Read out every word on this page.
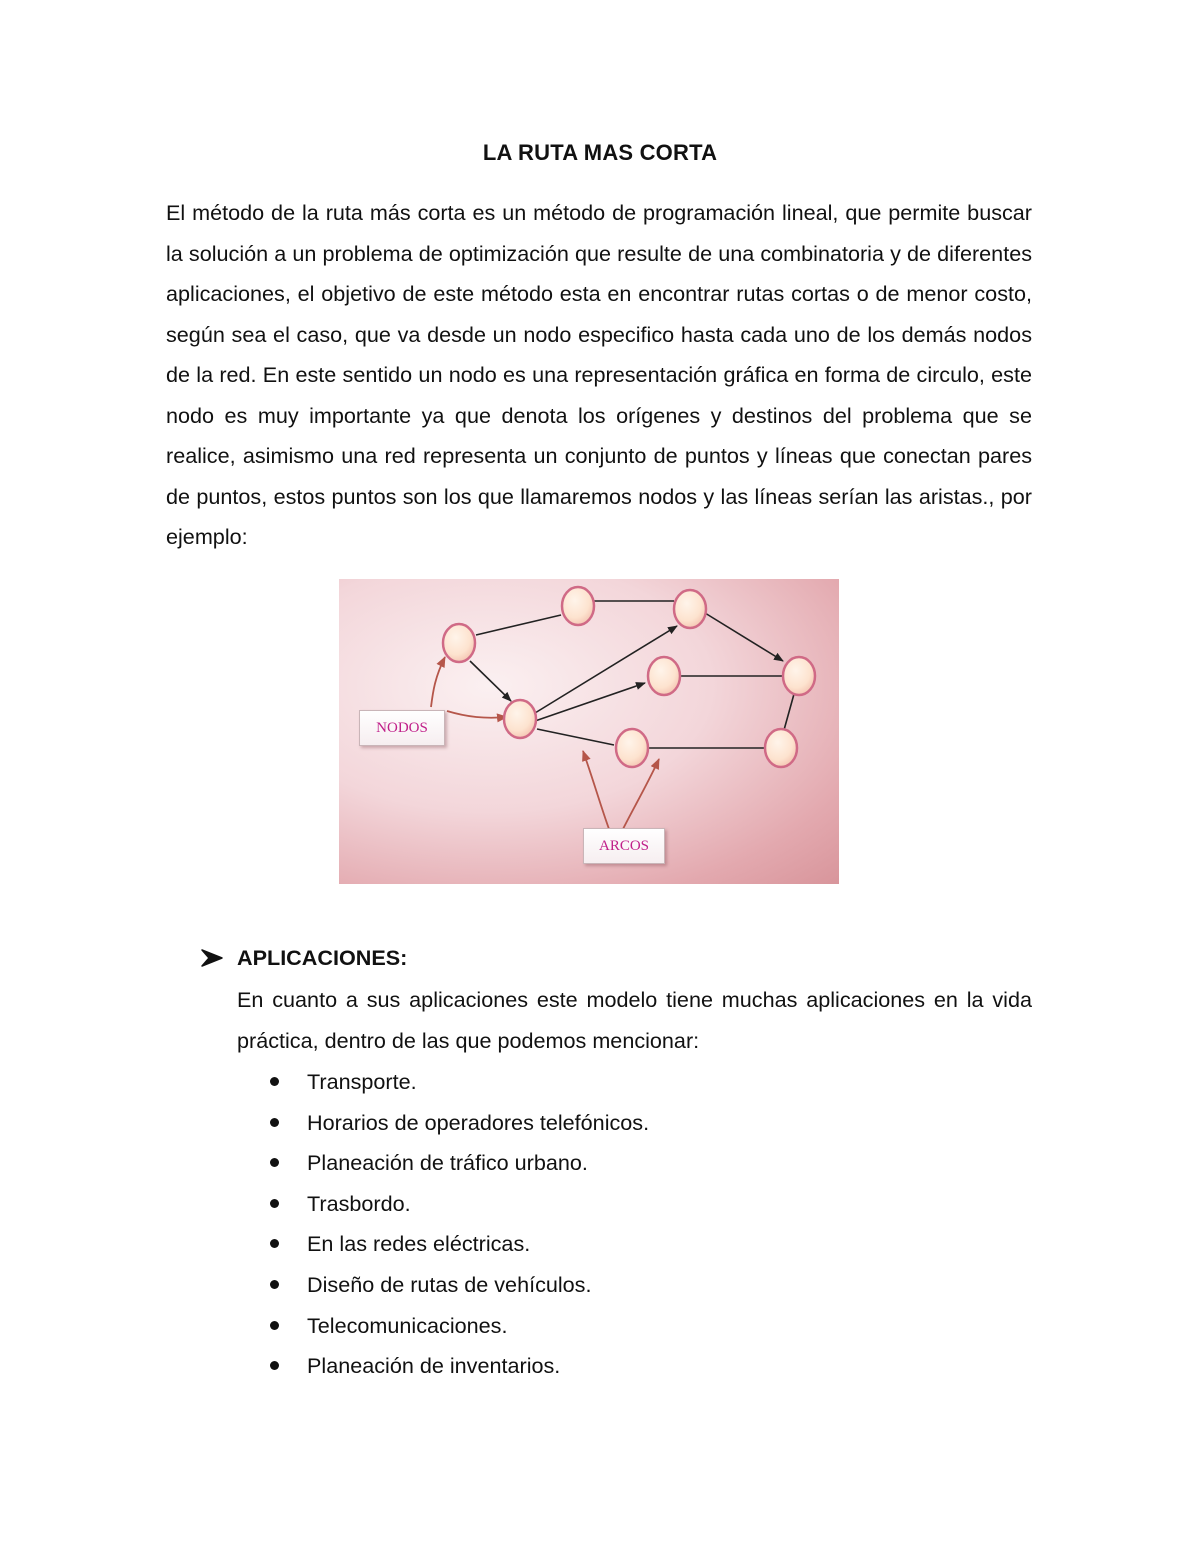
LA RUTA MAS CORTA

El método de la ruta más corta es un método de programación lineal, que permite buscar la solución a un problema de optimización que resulte de una combinatoria y de diferentes aplicaciones, el objetivo de este método esta en encontrar rutas cortas o de menor costo, según sea el caso, que va desde un nodo especifico hasta cada uno de los demás nodos de la red. En este sentido un nodo es una representación gráfica en forma de circulo, este nodo es muy importante ya que denota los orígenes y destinos del problema que se realice, asimismo una red representa un conjunto de puntos y líneas que conectan pares de puntos, estos puntos son los que llamaremos nodos y las líneas serían las aristas., por ejemplo:

NODOS
ARCOS
APLICACIONES:

En cuanto a sus aplicaciones este modelo tiene muchas aplicaciones en la vida práctica, dentro de las que podemos mencionar:

Transporte.
Horarios de operadores telefónicos.
Planeación de tráfico urbano.
Trasbordo.
En las redes eléctricas.
Diseño de rutas de vehículos.
Telecomunicaciones.
Planeación de inventarios.
